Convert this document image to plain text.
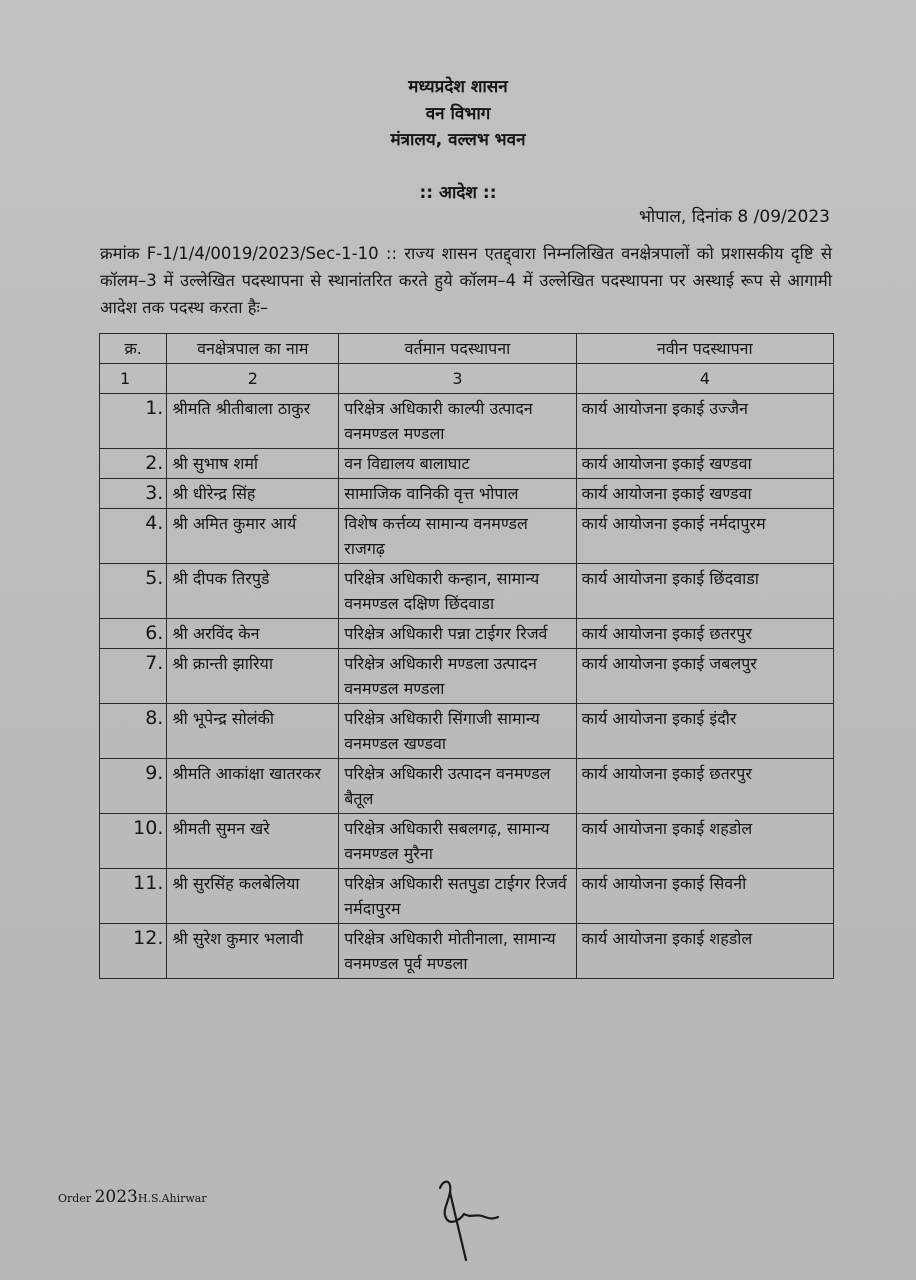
मध्यप्रदेश शासन
वन विभाग
मंत्रालय, वल्लभ भवन
:: आदेश ::
भोपाल, दिनांक 8 /09/2023
क्रमांक F-1/1/4/0019/2023/Sec-1-10 :: राज्य शासन एतद्द्वारा निम्नलिखित वनक्षेत्रपालों को प्रशासकीय दृष्टि से कॉलम–3 में उल्लेखित पदस्थापना से स्थानांतरित करते हुये कॉलम–4 में उल्लेखित पदस्थापना पर अस्थाई रूप से आगामी आदेश तक पदस्थ करता हैः–
क्र.	वनक्षेत्रपाल का नाम	वर्तमान पदस्थापना	नवीन पदस्थापना
1	2	3	4
1.	श्रीमति श्रीतीबाला ठाकुर	परिक्षेत्र अधिकारी काल्पी उत्पादन वनमण्डल मण्डला	कार्य आयोजना इकाई उज्जैन
2.	श्री सुभाष शर्मा	वन विद्यालय बालाघाट	कार्य आयोजना इकाई खण्डवा
3.	श्री धीरेन्द्र सिंह	सामाजिक वानिकी वृत्त भोपाल	कार्य आयोजना इकाई खण्डवा
4.	श्री अमित कुमार आर्य	विशेष कर्त्तव्य सामान्य वनमण्डल राजगढ़	कार्य आयोजना इकाई नर्मदापुरम
5.	श्री दीपक तिरपुडे	परिक्षेत्र अधिकारी कन्हान, सामान्य वनमण्डल दक्षिण छिंदवाडा	कार्य आयोजना इकाई छिंदवाडा
6.	श्री अरविंद केन	परिक्षेत्र अधिकारी पन्ना टाईगर रिजर्व	कार्य आयोजना इकाई छतरपुर
7.	श्री क्रान्ती झारिया	परिक्षेत्र अधिकारी मण्डला उत्पादन वनमण्डल मण्डला	कार्य आयोजना इकाई जबलपुर
8.	श्री भूपेन्द्र सोलंकी	परिक्षेत्र अधिकारी सिंगाजी सामान्य वनमण्डल खण्डवा	कार्य आयोजना इकाई इंदौर
9.	श्रीमति आकांक्षा खातरकर	परिक्षेत्र अधिकारी उत्पादन वनमण्डल बैतूल	कार्य आयोजना इकाई छतरपुर
10.	श्रीमती सुमन खरे	परिक्षेत्र अधिकारी सबलगढ़, सामान्य वनमण्डल मुरैना	कार्य आयोजना इकाई शहडोल
11.	श्री सुरसिंह कलबेलिया	परिक्षेत्र अधिकारी सतपुडा टाईगर रिजर्व नर्मदापुरम	कार्य आयोजना इकाई सिवनी
12.	श्री सुरेश कुमार भलावी	परिक्षेत्र अधिकारी मोतीनाला, सामान्य वनमण्डल पूर्व मण्डला	कार्य आयोजना इकाई शहडोल
Order 2023H.S.Ahirwar
